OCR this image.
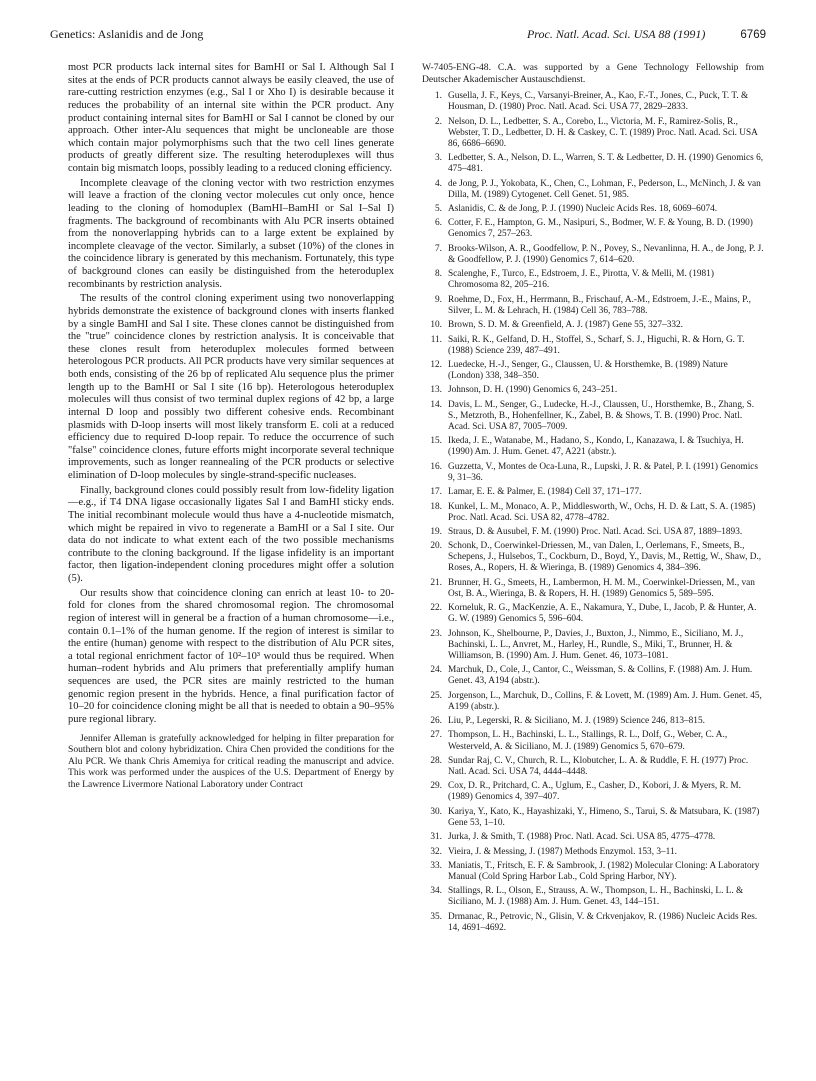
Genetics: Aslanidis and de Jong	Proc. Natl. Acad. Sci. USA 88 (1991)	6769

most PCR products lack internal sites for BamHI or Sal I. Although Sal I sites at the ends of PCR products cannot always be easily cleaved, the use of rare-cutting restriction enzymes (e.g., Sal I or Xho I) is desirable because it reduces the probability of an internal site within the PCR product. Any product containing internal sites for BamHI or Sal I cannot be cloned by our approach. Other inter-Alu sequences that might be uncloneable are those which contain major polymorphisms such that the two cell lines generate products of greatly different size. The resulting heteroduplexes will thus contain big mismatch loops, possibly leading to a reduced cloning efficiency.

Incomplete cleavage of the cloning vector with two restriction enzymes will leave a fraction of the cloning vector molecules cut only once, hence leading to the cloning of homoduplex (BamHI–BamHI or Sal I–Sal I) fragments. The background of recombinants with Alu PCR inserts obtained from the nonoverlapping hybrids can to a large extent be explained by incomplete cleavage of the vector. Similarly, a subset (10%) of the clones in the coincidence library is generated by this mechanism. Fortunately, this type of background clones can easily be distinguished from the heteroduplex recombinants by restriction analysis.

The results of the control cloning experiment using two nonoverlapping hybrids demonstrate the existence of background clones with inserts flanked by a single BamHI and Sal I site. These clones cannot be distinguished from the "true" coincidence clones by restriction analysis. It is conceivable that these clones result from heteroduplex molecules formed between heterologous PCR products. All PCR products have very similar sequences at both ends, consisting of the 26 bp of replicated Alu sequence plus the primer length up to the BamHI or Sal I site (16 bp). Heterologous heteroduplex molecules will thus consist of two terminal duplex regions of 42 bp, a large internal D loop and possibly two different cohesive ends. Recombinant plasmids with D-loop inserts will most likely transform E. coli at a reduced efficiency due to required D-loop repair. To reduce the occurrence of such "false" coincidence clones, future efforts might incorporate several technique improvements, such as longer reannealing of the PCR products or selective elimination of D-loop molecules by single-strand-specific nucleases.

Finally, background clones could possibly result from low-fidelity ligation—e.g., if T4 DNA ligase occasionally ligates Sal I and BamHI sticky ends. The initial recombinant molecule would thus have a 4-nucleotide mismatch, which might be repaired in vivo to regenerate a BamHI or a Sal I site. Our data do not indicate to what extent each of the two possible mechanisms contribute to the cloning background. If the ligase infidelity is an important factor, then ligation-independent cloning procedures might offer a solution (5).

Our results show that coincidence cloning can enrich at least 10- to 20-fold for clones from the shared chromosomal region. The chromosomal region of interest will in general be a fraction of a human chromosome—i.e., contain 0.1–1% of the human genome. If the region of interest is similar to the entire (human) genome with respect to the distribution of Alu PCR sites, a total regional enrichment factor of 10²–10³ would thus be required. When human–rodent hybrids and Alu primers that preferentially amplify human sequences are used, the PCR sites are mainly restricted to the human genomic region present in the hybrids. Hence, a final purification factor of 10–20 for coincidence cloning might be all that is needed to obtain a 90–95% pure regional library.

Jennifer Alleman is gratefully acknowledged for helping in filter preparation for Southern blot and colony hybridization. Chira Chen provided the conditions for the Alu PCR. We thank Chris Amemiya for critical reading the manuscript and advice. This work was performed under the auspices of the U.S. Department of Energy by the Lawrence Livermore National Laboratory under Contract

W-7405-ENG-48. C.A. was supported by a Gene Technology Fellowship from Deutscher Akademischer Austauschdienst.

1. Gusella, J. F., Keys, C., Varsanyi-Breiner, A., Kao, F.-T., Jones, C., Puck, T. T. & Housman, D. (1980) Proc. Natl. Acad. Sci. USA 77, 2829–2833.
2. Nelson, D. L., Ledbetter, S. A., Corebo, L., Victoria, M. F., Ramirez-Solis, R., Webster, T. D., Ledbetter, D. H. & Caskey, C. T. (1989) Proc. Natl. Acad. Sci. USA 86, 6686–6690.
3. Ledbetter, S. A., Nelson, D. L., Warren, S. T. & Ledbetter, D. H. (1990) Genomics 6, 475–481.
4. de Jong, P. J., Yokobata, K., Chen, C., Lohman, F., Pederson, L., McNinch, J. & van Dilla, M. (1989) Cytogenet. Cell Genet. 51, 985.
5. Aslanidis, C. & de Jong, P. J. (1990) Nucleic Acids Res. 18, 6069–6074.
6. Cotter, F. E., Hampton, G. M., Nasipuri, S., Bodmer, W. F. & Young, B. D. (1990) Genomics 7, 257–263.
7. Brooks-Wilson, A. R., Goodfellow, P. N., Povey, S., Nevanlinna, H. A., de Jong, P. J. & Goodfellow, P. J. (1990) Genomics 7, 614–620.
8. Scalenghe, F., Turco, E., Edstroem, J. E., Pirotta, V. & Melli, M. (1981) Chromosoma 82, 205–216.
9. Roehme, D., Fox, H., Herrmann, B., Frischauf, A.-M., Edstroem, J.-E., Mains, P., Silver, L. M. & Lehrach, H. (1984) Cell 36, 783–788.
10. Brown, S. D. M. & Greenfield, A. J. (1987) Gene 55, 327–332.
11. Saiki, R. K., Gelfand, D. H., Stoffel, S., Scharf, S. J., Higuchi, R. & Horn, G. T. (1988) Science 239, 487–491.
12. Luedecke, H.-J., Senger, G., Claussen, U. & Horsthemke, B. (1989) Nature (London) 338, 348–350.
13. Johnson, D. H. (1990) Genomics 6, 243–251.
14. Davis, L. M., Senger, G., Ludecke, H.-J., Claussen, U., Horsthemke, B., Zhang, S. S., Metzroth, B., Hohenfellner, K., Zabel, B. & Shows, T. B. (1990) Proc. Natl. Acad. Sci. USA 87, 7005–7009.
15. Ikeda, J. E., Watanabe, M., Hadano, S., Kondo, I., Kanazawa, I. & Tsuchiya, H. (1990) Am. J. Hum. Genet. 47, A221 (abstr.).
16. Guzzetta, V., Montes de Oca-Luna, R., Lupski, J. R. & Patel, P. I. (1991) Genomics 9, 31–36.
17. Lamar, E. E. & Palmer, E. (1984) Cell 37, 171–177.
18. Kunkel, L. M., Monaco, A. P., Middlesworth, W., Ochs, H. D. & Latt, S. A. (1985) Proc. Natl. Acad. Sci. USA 82, 4778–4782.
19. Straus, D. & Ausubel, F. M. (1990) Proc. Natl. Acad. Sci. USA 87, 1889–1893.
20. Schonk, D., Coerwinkel-Driessen, M., van Dalen, I., Oerlemans, F., Smeets, B., Schepens, J., Hulsebos, T., Cockburn, D., Boyd, Y., Davis, M., Rettig, W., Shaw, D., Roses, A., Ropers, H. & Wieringa, B. (1989) Genomics 4, 384–396.
21. Brunner, H. G., Smeets, H., Lambermon, H. M. M., Coerwinkel-Driessen, M., van Ost, B. A., Wieringa, B. & Ropers, H. H. (1989) Genomics 5, 589–595.
22. Korneluk, R. G., MacKenzie, A. E., Nakamura, Y., Dube, I., Jacob, P. & Hunter, A. G. W. (1989) Genomics 5, 596–604.
23. Johnson, K., Shelbourne, P., Davies, J., Buxton, J., Nimmo, E., Siciliano, M. J., Bachinski, L. L., Anvret, M., Harley, H., Rundle, S., Miki, T., Brunner, H. & Williamson, B. (1990) Am. J. Hum. Genet. 46, 1073–1081.
24. Marchuk, D., Cole, J., Cantor, C., Weissman, S. & Collins, F. (1988) Am. J. Hum. Genet. 43, A194 (abstr.).
25. Jorgenson, L., Marchuk, D., Collins, F. & Lovett, M. (1989) Am. J. Hum. Genet. 45, A199 (abstr.).
26. Liu, P., Legerski, R. & Siciliano, M. J. (1989) Science 246, 813–815.
27. Thompson, L. H., Bachinski, L. L., Stallings, R. L., Dolf, G., Weber, C. A., Westerveld, A. & Siciliano, M. J. (1989) Genomics 5, 670–679.
28. Sundar Raj, C. V., Church, R. L., Klobutcher, L. A. & Ruddle, F. H. (1977) Proc. Natl. Acad. Sci. USA 74, 4444–4448.
29. Cox, D. R., Pritchard, C. A., Uglum, E., Casher, D., Kobori, J. & Myers, R. M. (1989) Genomics 4, 397–407.
30. Kariya, Y., Kato, K., Hayashizaki, Y., Himeno, S., Tarui, S. & Matsubara, K. (1987) Gene 53, 1–10.
31. Jurka, J. & Smith, T. (1988) Proc. Natl. Acad. Sci. USA 85, 4775–4778.
32. Vieira, J. & Messing, J. (1987) Methods Enzymol. 153, 3–11.
33. Maniatis, T., Fritsch, E. F. & Sambrook, J. (1982) Molecular Cloning: A Laboratory Manual (Cold Spring Harbor Lab., Cold Spring Harbor, NY).
34. Stallings, R. L., Olson, E., Strauss, A. W., Thompson, L. H., Bachinski, L. L. & Siciliano, M. J. (1988) Am. J. Hum. Genet. 43, 144–151.
35. Drmanac, R., Petrovic, N., Glisin, V. & Crkvenjakov, R. (1986) Nucleic Acids Res. 14, 4691–4692.
